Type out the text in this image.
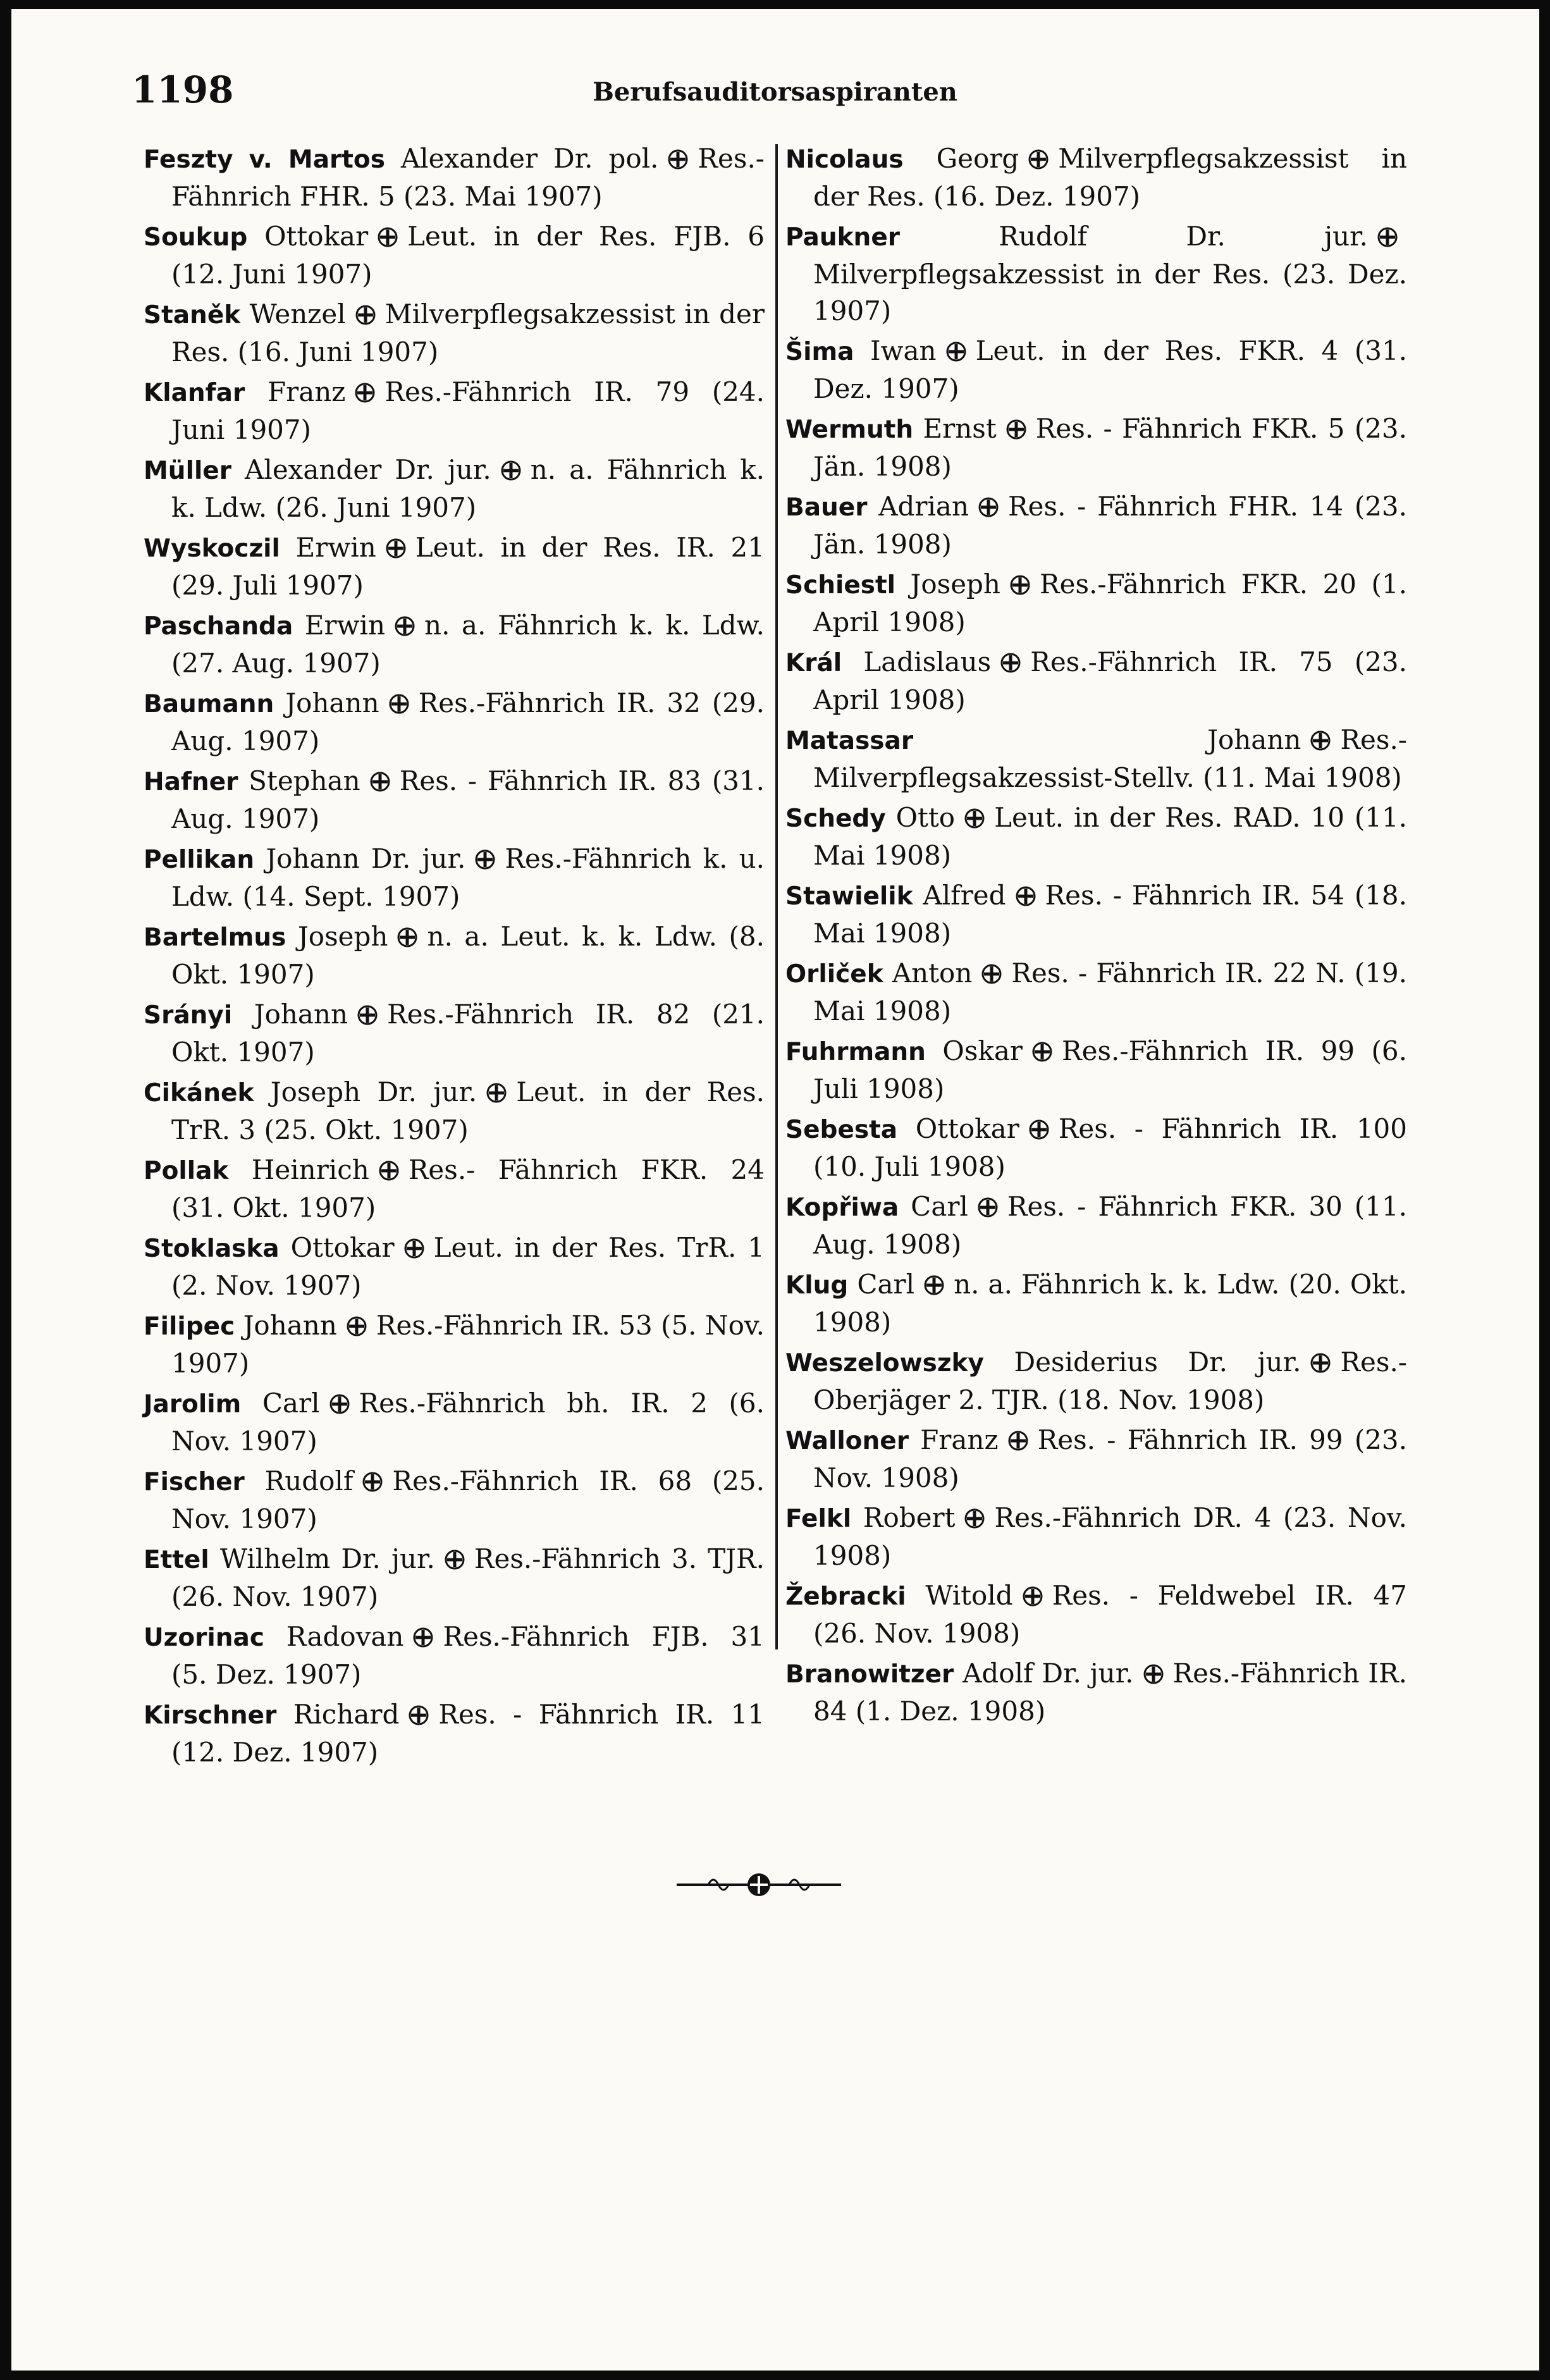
1198	Berufsauditorsaspiranten
Feszty v. Martos Alexander Dr. pol. Res.-Fähnrich FHR. 5 (23. Mai 1907)
Soukup Ottokar Leut. in der Res. FJB. 6 (12. Juni 1907)
Staněk Wenzel Milverpflegsakzessist in der Res. (16. Juni 1907)
Klanfar Franz Res.-Fähnrich IR. 79 (24. Juni 1907)
Müller Alexander Dr. jur. n. a. Fähnrich k. k. Ldw. (26. Juni 1907)
Wyskoczil Erwin Leut. in der Res. IR. 21 (29. Juli 1907)
Paschanda Erwin n. a. Fähnrich k. k. Ldw. (27. Aug. 1907)
Baumann Johann Res.-Fähnrich IR. 32 (29. Aug. 1907)
Hafner Stephan Res. - Fähnrich IR. 83 (31. Aug. 1907)
Pellikan Johann Dr. jur. Res.-Fähnrich k. u. Ldw. (14. Sept. 1907)
Bartelmus Joseph n. a. Leut. k. k. Ldw. (8. Okt. 1907)
Srányi Johann Res.-Fähnrich IR. 82 (21. Okt. 1907)
Cikánek Joseph Dr. jur. Leut. in der Res. TrR. 3 (25. Okt. 1907)
Pollak Heinrich Res.- Fähnrich FKR. 24 (31. Okt. 1907)
Stoklaska Ottokar Leut. in der Res. TrR. 1 (2. Nov. 1907)
Filipec Johann Res.-Fähnrich IR. 53 (5. Nov. 1907)
Jarolim Carl Res.-Fähnrich bh. IR. 2 (6. Nov. 1907)
Fischer Rudolf Res.-Fähnrich IR. 68 (25. Nov. 1907)
Ettel Wilhelm Dr. jur. Res.-Fähnrich 3. TJR. (26. Nov. 1907)
Uzorinac Radovan Res.-Fähnrich FJB. 31 (5. Dez. 1907)
Kirschner Richard Res. - Fähnrich IR. 11 (12. Dez. 1907)
Nicolaus Georg Milverpflegsakzessist in der Res. (16. Dez. 1907)
Paukner Rudolf Dr. jur.
Milverpflegsakzessist in der Res. (23. Dez. 1907)
Šima Iwan Leut. in der Res. FKR. 4 (31. Dez. 1907)
Wermuth Ernst Res. - Fähnrich FKR. 5 (23. Jän. 1908)
Bauer Adrian Res. - Fähnrich FHR. 14 (23. Jän. 1908)
Schiestl Joseph Res.-Fähnrich FKR. 20 (1. April 1908)
Král Ladislaus Res.-Fähnrich IR. 75 (23. April 1908)
Matassar Johann Res.-Milverpflegsakzessist-Stellv. (11. Mai 1908)
Schedy Otto Leut. in der Res. RAD. 10 (11. Mai 1908)
Stawielik Alfred Res. - Fähnrich IR. 54 (18. Mai 1908)
Orliček Anton Res. - Fähnrich IR. 22 N. (19. Mai 1908)
Fuhrmann Oskar Res.-Fähnrich IR. 99 (6. Juli 1908)
Sebesta Ottokar Res. - Fähnrich IR. 100 (10. Juli 1908)
Kopřiwa Carl Res. - Fähnrich FKR. 30 (11. Aug. 1908)
Klug Carl n. a. Fähnrich k. k. Ldw. (20. Okt. 1908)
Weszelowszky Desiderius Dr. jur. Res.-Oberjäger 2. TJR. (18. Nov. 1908)
Walloner Franz Res. - Fähnrich IR. 99 (23. Nov. 1908)
Felkl Robert Res.-Fähnrich DR. 4 (23. Nov. 1908)
Žebracki Witold Res. - Feldwebel IR. 47 (26. Nov. 1908)
Branowitzer Adolf Dr. jur. Res.-Fähnrich IR. 84 (1. Dez. 1908)
